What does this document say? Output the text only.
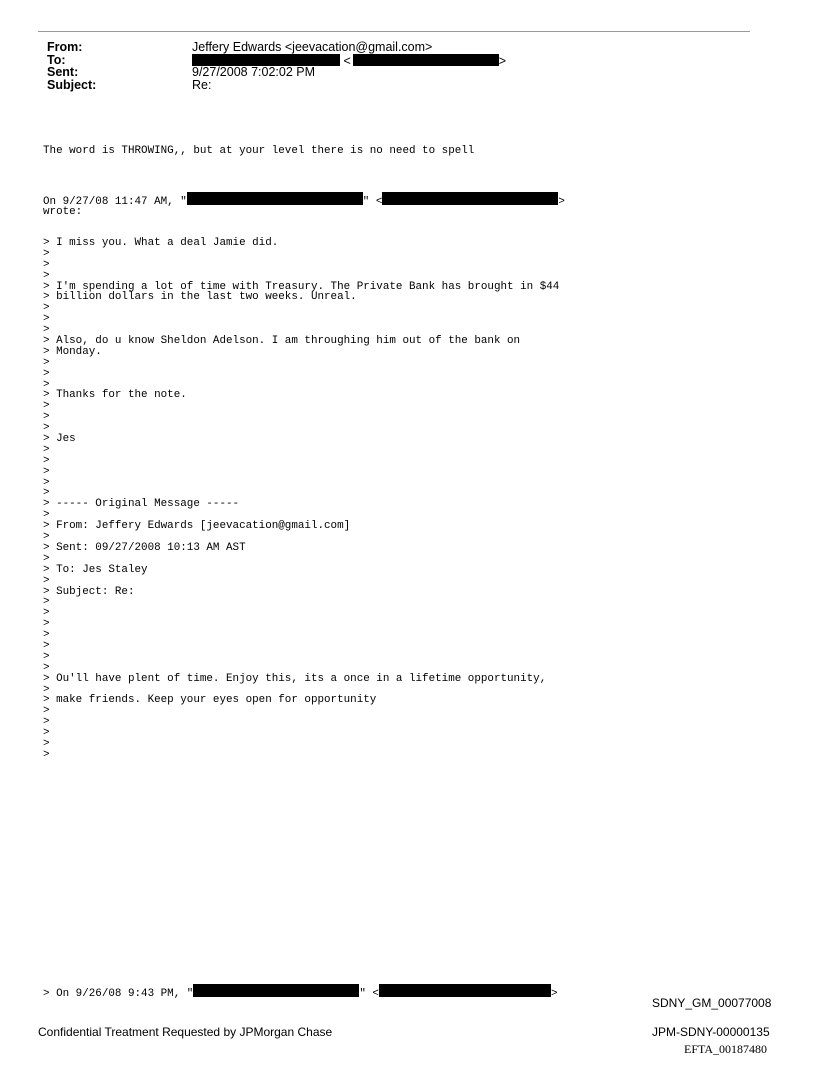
From:	Jeffery Edwards <jeevacation@gmail.com>
To:	<	>
Sent:	9/27/2008 7:02:02 PM
Subject:	Re:
The word is THROWING,, but at your level there is no need to spell
On 9/27/08 11:47 AM, "	" <	>
wrote:
> I miss you. What a deal Jamie did.
>
>
>
> I'm spending a lot of time with Treasury. The Private Bank has brought in $44
> billion dollars in the last two weeks. Unreal.
>
>
>
> Also, do u know Sheldon Adelson. I am throughing him out of the bank on
> Monday.
>
>
>
> Thanks for the note.
>
>
>
> Jes
>
>
>
>
>
> ----- Original Message -----
>
> From: Jeffery Edwards [jeevacation@gmail.com]
>
> Sent: 09/27/2008 10:13 AM AST
>
> To: Jes Staley
>
> Subject: Re:
>
>
>
>
>
>
>
> Ou'll have plent of time. Enjoy this, its a once in a lifetime opportunity,
>
> make friends. Keep your eyes open for opportunity
>
>
>
>
>
> On 9/26/08 9:43 PM, "	" <	>
Confidential Treatment Requested by JPMorgan Chase
SDNY_GM_00077008
JPM-SDNY-00000135
EFTA_00187480
